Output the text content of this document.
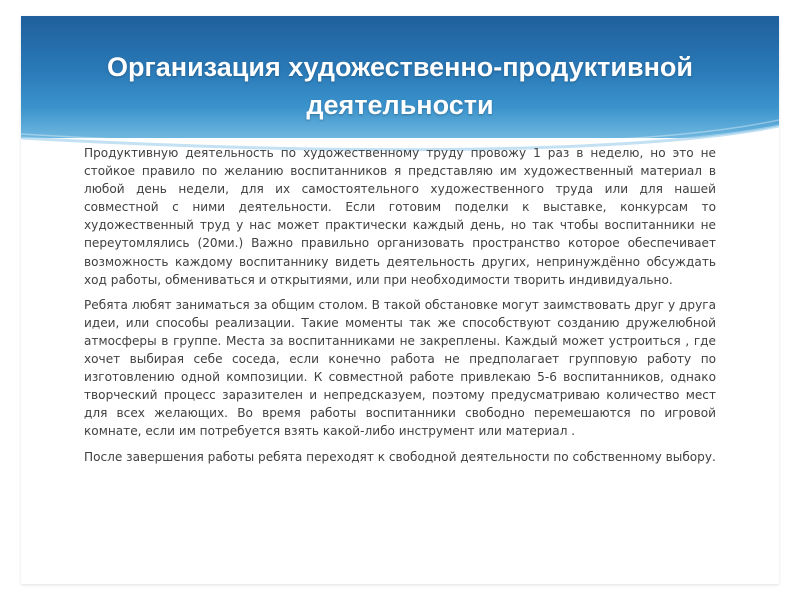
Организация художественно-продуктивной деятельности

Продуктивную деятельность по художественному труду провожу 1 раз в неделю, но это не стойкое правило по желанию воспитанников я представляю им художественный материал в любой день недели, для их самостоятельного художественного труда или для нашей совместной с ними деятельности. Если готовим поделки к выставке, конкурсам то художественный труд у нас может практически каждый день, но так чтобы воспитанники не переутомлялись (20ми.) Важно правильно организовать пространство которое обеспечивает возможность каждому воспитаннику видеть деятельность других, непринуждённо обсуждать ход работы, обмениваться и открытиями, или при необходимости творить индивидуально.

Ребята любят заниматься за общим столом. В такой обстановке могут заимствовать друг у друга идеи, или способы реализации. Такие моменты так же способствуют созданию дружелюбной атмосферы в группе. Места за воспитанниками не закреплены. Каждый может устроиться , где хочет выбирая себе соседа, если конечно работа не предполагает групповую работу по изготовлению одной композиции. К совместной работе привлекаю 5-6 воспитанников, однако творческий процесс заразителен и непредсказуем, поэтому предусматриваю количество мест для всех желающих. Во время работы воспитанники свободно перемешаются по игровой комнате, если им потребуется взять какой-либо инструмент или материал .

После завершения работы ребята переходят к свободной деятельности по собственному выбору.
